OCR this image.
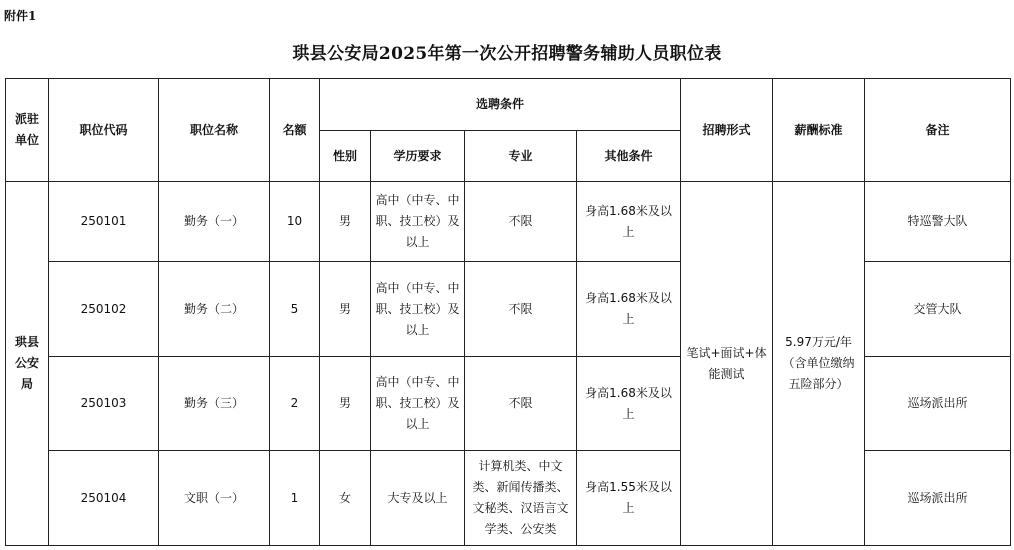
附件1
珙县公安局2025年第一次公开招聘警务辅助人员职位表
派驻单位	职位代码	职位名称	名额	选聘条件				招聘形式	薪酬标准	备注
				性别	学历要求	专业	其他条件			
珙县公安局	250101	勤务（一）	10	男	高中（中专、中职、技工校）及以上	不限	身高1.68米及以上	笔试+面试+体能测试	5.97万元/年（含单位缴纳五险部分）	特巡警大队
	250102	勤务（二）	5	男	高中（中专、中职、技工校）及以上	不限	身高1.68米及以上			交管大队
	250103	勤务（三）	2	男	高中（中专、中职、技工校）及以上	不限	身高1.68米及以上			巡场派出所
	250104	文职（一）	1	女	大专及以上	计算机类、中文类、新闻传播类、文秘类、汉语言文学类、公安类	身高1.55米及以上			巡场派出所
